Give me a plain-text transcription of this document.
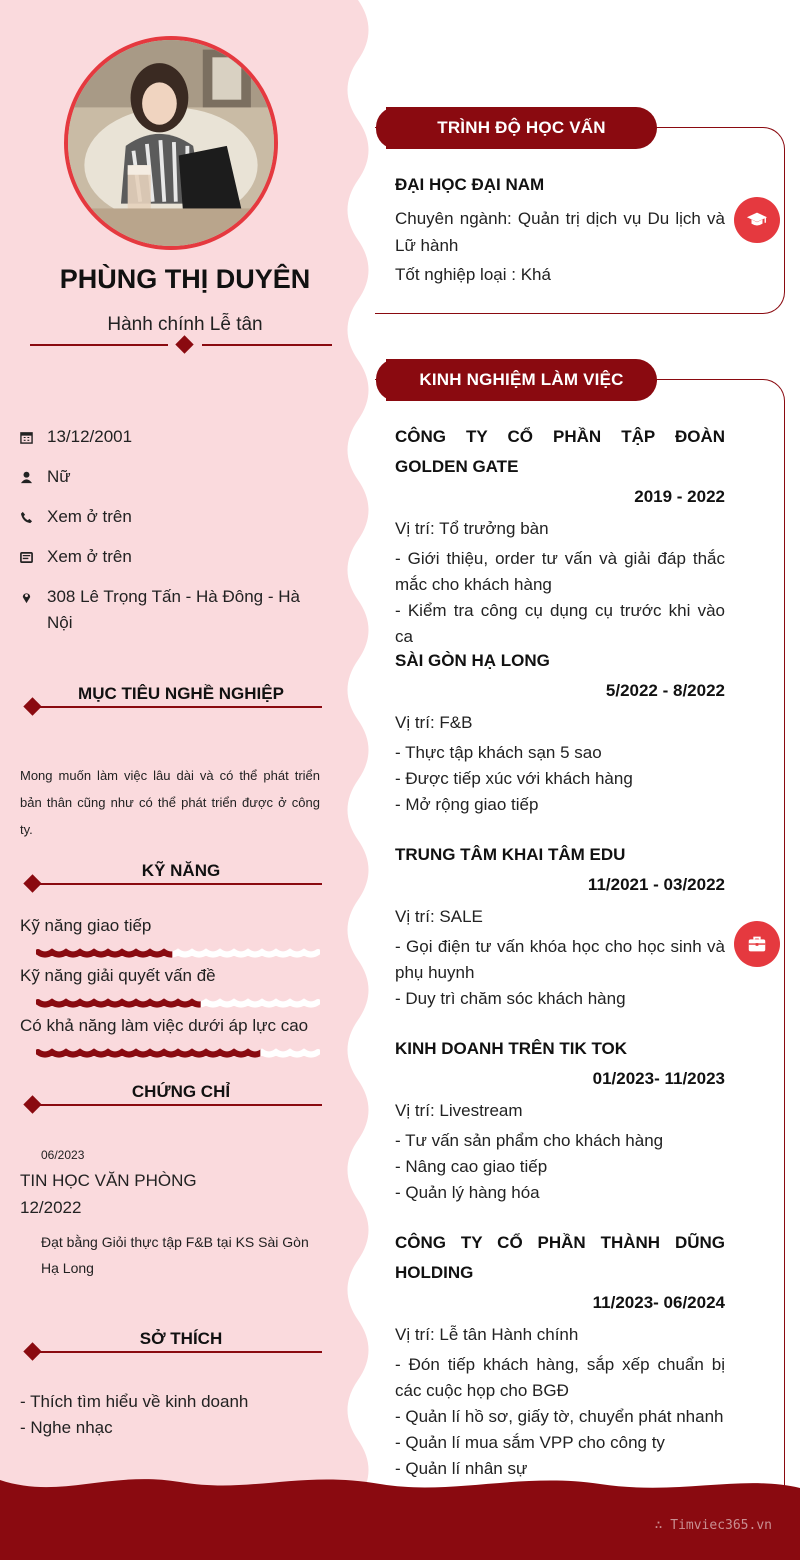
PHÙNG THỊ DUYÊN
Hành chính Lễ tân
13/12/2001
Nữ
Xem ở trên
Xem ở trên
308 Lê Trọng Tấn - Hà Đông - Hà Nội
MỤC TIÊU NGHỀ NGHIỆP

Mong muốn làm việc lâu dài và có thể phát triển bản thân cũng như có thể phát triển được ở công ty.

KỸ NĂNG
Kỹ năng giao tiếp
Kỹ năng giải quyết vấn đề
Có khả năng làm việc dưới áp lực cao
CHỨNG CHỈ
06/2023
TIN HỌC VĂN PHÒNG
12/2022
Đạt bằng Giỏi thực tập F&B tại KS Sài Gòn Hạ Long
SỞ THÍCH
- Thích tìm hiểu về kinh doanh
- Nghe nhạc
TRÌNH ĐỘ HỌC VẤN
ĐẠI HỌC ĐẠI NAM
Chuyên ngành: Quản trị dịch vụ Du lịch và Lữ hành
Tốt nghiệp loại : Khá
KINH NGHIỆM LÀM VIỆC
CÔNG TY CỔ PHẦN TẬP ĐOÀN GOLDEN GATE
2019 - 2022
Vị trí: Tổ trưởng bàn
- Giới thiệu, order tư vấn và giải đáp thắc mắc cho khách hàng
- Kiểm tra công cụ dụng cụ trước khi vào ca
SÀI GÒN HẠ LONG
5/2022 - 8/2022
Vị trí: F&B
- Thực tập khách sạn 5 sao
- Được tiếp xúc với khách hàng
- Mở rộng giao tiếp
TRUNG TÂM KHAI TÂM EDU
11/2021 - 03/2022
Vị trí: SALE
- Gọi điện tư vấn khóa học cho học sinh và phụ huynh
- Duy trì chăm sóc khách hàng
KINH DOANH TRÊN TIK TOK
01/2023- 11/2023
Vị trí: Livestream
- Tư vấn sản phẩm cho khách hàng
- Nâng cao giao tiếp
- Quản lý hàng hóa
CÔNG TY CỔ PHẦN THÀNH DŨNG HOLDING
11/2023- 06/2024
Vị trí: Lễ tân Hành chính
- Đón tiếp khách hàng, sắp xếp chuẩn bị các cuộc họp cho BGĐ
- Quản lí hồ sơ, giấy tờ, chuyển phát nhanh
- Quản lí mua sắm VPP cho công ty
- Quản lí nhân sự
∴ Timviec365.vn
